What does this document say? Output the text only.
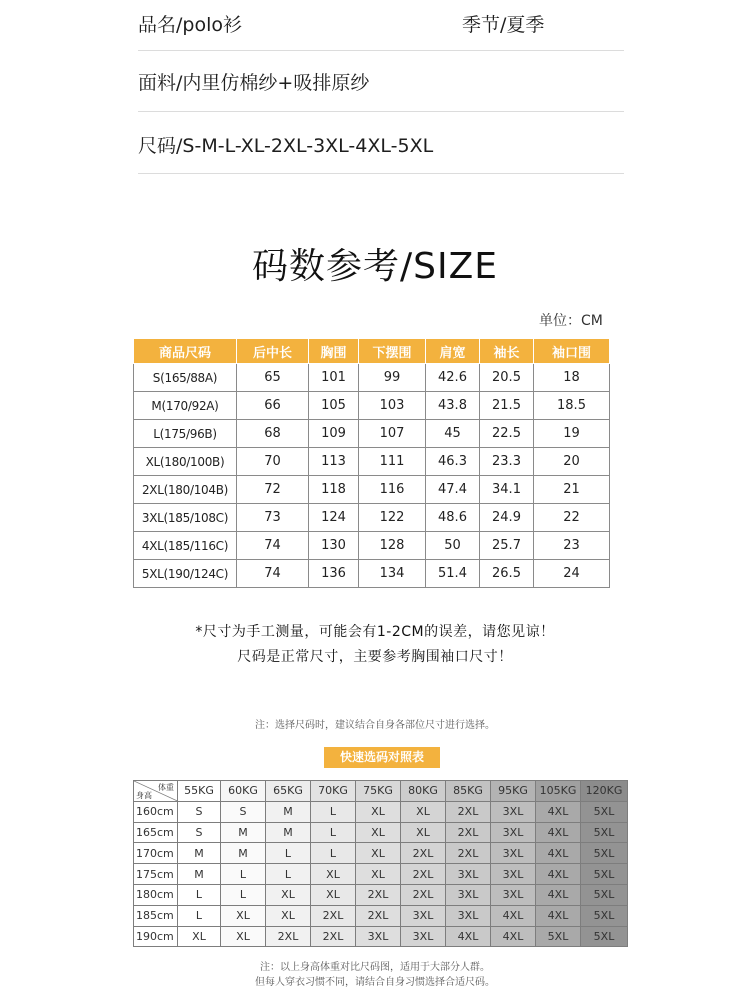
品名/polo衫	季节/夏季
面料/内里仿棉纱+吸排原纱
尺码/S-M-L-XL-2XL-3XL-4XL-5XL
码数参考/SIZE
单位：CM
商品尺码	后中长	胸围	下摆围	肩宽	袖长	袖口围
S(165/88A)	65	101	99	42.6	20.5	18
M(170/92A)	66	105	103	43.8	21.5	18.5
L(175/96B)	68	109	107	45	22.5	19
XL(180/100B)	70	113	111	46.3	23.3	20
2XL(180/104B)	72	118	116	47.4	34.1	21
3XL(185/108C)	73	124	122	48.6	24.9	22
4XL(185/116C)	74	130	128	50	25.7	23
5XL(190/124C)	74	136	134	51.4	26.5	24
*尺寸为手工测量，可能会有1-2CM的误差，请您见谅！
尺码是正常尺寸，主要参考胸围袖口尺寸！
注：选择尺码时，建议结合自身各部位尺寸进行选择。
快速选码对照表
体重
身高	55KG	60KG	65KG	70KG	75KG	80KG	85KG	95KG	105KG	120KG
160cm	S	S	M	L	XL	XL	2XL	3XL	4XL	5XL
165cm	S	M	M	L	XL	XL	2XL	3XL	4XL	5XL
170cm	M	M	L	L	XL	2XL	2XL	3XL	4XL	5XL
175cm	M	L	L	XL	XL	2XL	3XL	3XL	4XL	5XL
180cm	L	L	XL	XL	2XL	2XL	3XL	3XL	4XL	5XL
185cm	L	XL	XL	2XL	2XL	3XL	3XL	4XL	4XL	5XL
190cm	XL	XL	2XL	2XL	3XL	3XL	4XL	4XL	5XL	5XL
注：以上身高体重对比尺码图，适用于大部分人群。
但每人穿衣习惯不同，请结合自身习惯选择合适尺码。
